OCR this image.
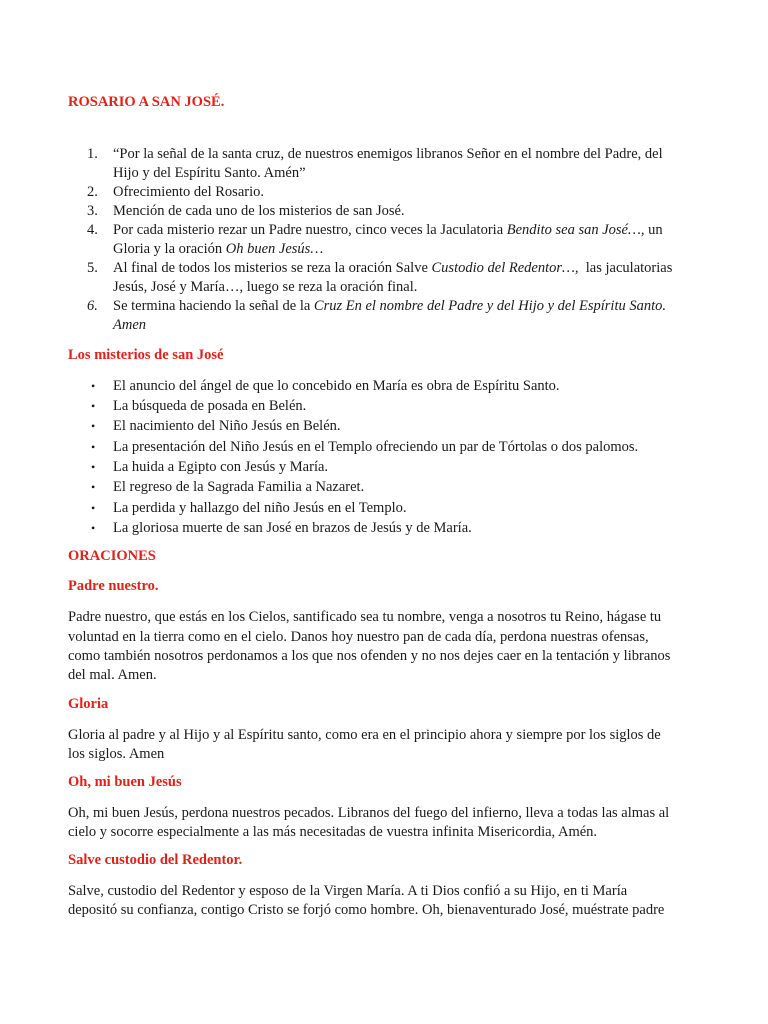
ROSARIO A SAN JOSÉ.
1. “Por la señal de la santa cruz, de nuestros enemigos libranos Señor en el nombre del Padre, del
Hijo y del Espíritu Santo. Amén”
2. Ofrecimiento del Rosario.
3. Mención de cada uno de los misterios de san José.
4. Por cada misterio rezar un Padre nuestro, cinco veces la Jaculatoria Bendito sea san José…, un
Gloria y la oración Oh buen Jesús…
5. Al final de todos los misterios se reza la oración Salve Custodio del Redentor…,  las jaculatorias
Jesús, José y María…, luego se reza la oración final.
6. Se termina haciendo la señal de la Cruz En el nombre del Padre y del Hijo y del Espíritu Santo.
Amen
Los misterios de san José
• El anuncio del ángel de que lo concebido en María es obra de Espíritu Santo.
• La búsqueda de posada en Belén.
• El nacimiento del Niño Jesús en Belén.
• La presentación del Niño Jesús en el Templo ofreciendo un par de Tórtolas o dos palomos.
• La huida a Egipto con Jesús y María.
• El regreso de la Sagrada Familia a Nazaret.
• La perdida y hallazgo del niño Jesús en el Templo.
• La gloriosa muerte de san José en brazos de Jesús y de María.
ORACIONES
Padre nuestro.
Padre nuestro, que estás en los Cielos, santificado sea tu nombre, venga a nosotros tu Reino, hágase tu
voluntad en la tierra como en el cielo. Danos hoy nuestro pan de cada día, perdona nuestras ofensas,
como también nosotros perdonamos a los que nos ofenden y no nos dejes caer en la tentación y libranos
del mal. Amen.
Gloria
Gloria al padre y al Hijo y al Espíritu santo, como era en el principio ahora y siempre por los siglos de
los siglos. Amen
Oh, mi buen Jesús
Oh, mi buen Jesús, perdona nuestros pecados. Libranos del fuego del infierno, lleva a todas las almas al
cielo y socorre especialmente a las más necesitadas de vuestra infinita Misericordia, Amén.
Salve custodio del Redentor.
Salve, custodio del Redentor y esposo de la Virgen María. A ti Dios confió a su Hijo, en ti María
depositó su confianza, contigo Cristo se forjó como hombre. Oh, bienaventurado José, muéstrate padre
